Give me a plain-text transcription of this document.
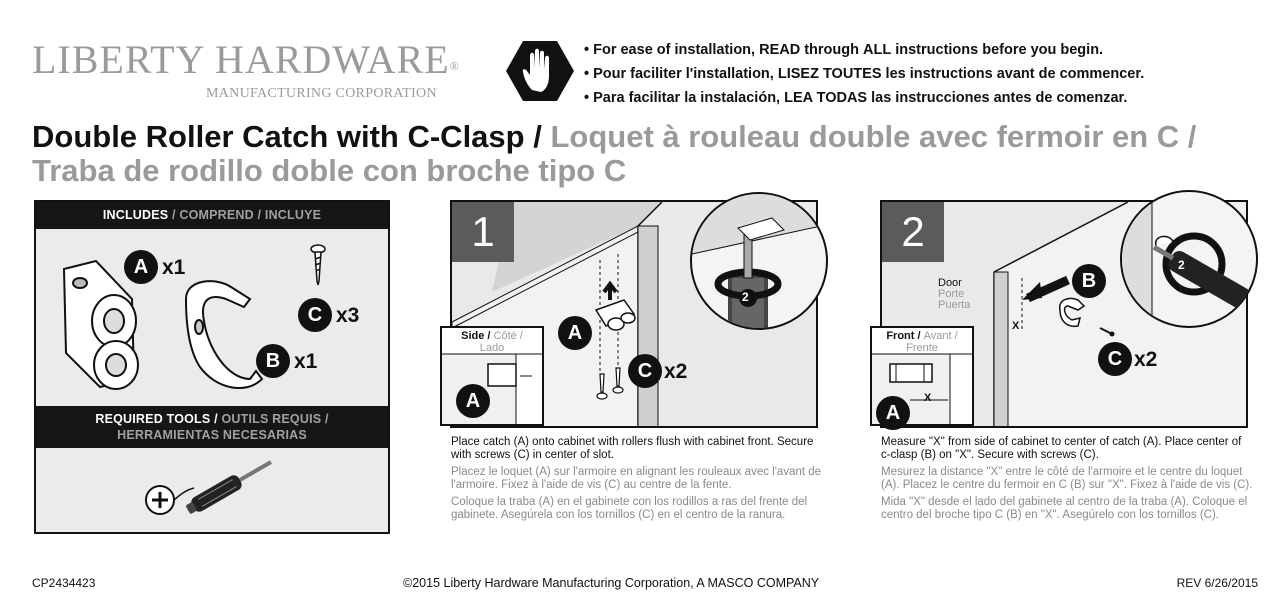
LIBERTY HARDWARE®
MANUFACTURING CORPORATION
• For ease of installation, READ through ALL instructions before you begin.
• Pour faciliter l'installation, LISEZ TOUTES les instructions avant de commencer.
• Para facilitar la instalación, LEA TODAS las instrucciones antes de comenzar.
Double Roller Catch with C-Clasp / Loquet à rouleau double avec fermoir en C /
Traba de rodillo doble con broche tipo C
INCLUDES / COMPREND / INCLUYE
A x1
B x1
C x3
REQUIRED TOOLS / OUTILS REQUIS /
HERRAMIENTAS NECESARIAS
1
A
C x2
2
Side / Côté /
Lado
A

Place catch (A) onto cabinet with rollers flush with cabinet front. Secure with screws (C) in center of slot.

Placez le loquet (A) sur l'armoire en alignant les rouleaux avec l'avant de l'armoire. Fixez à l'aide de vis (C) au centre de la fente.

Coloque la traba (A) en el gabinete con los rodillos a ras del frente del gabinete. Asegúrela con los tornillos (C) en el centro de la ranura.

2
B
C x2
X
Door
Porte
Puerta
2
Front / Avant /
Frente
X
A

Measure "X" from side of cabinet to center of catch (A). Place center of c-clasp (B) on "X". Secure with screws (C).

Mesurez la distance "X" entre le côté de l'armoire et le centre du loquet (A). Placez le centre du fermoir en C (B) sur "X". Fixez à l'aide de vis (C).

Mida "X" desde el lado del gabinete al centro de la traba (A). Coloque el centro del broche tipo C (B) en "X". Asegúrelo con los tornillos (C).

CP2434423	©2015 Liberty Hardware Manufacturing Corporation, A MASCO COMPANY	REV 6/26/2015
